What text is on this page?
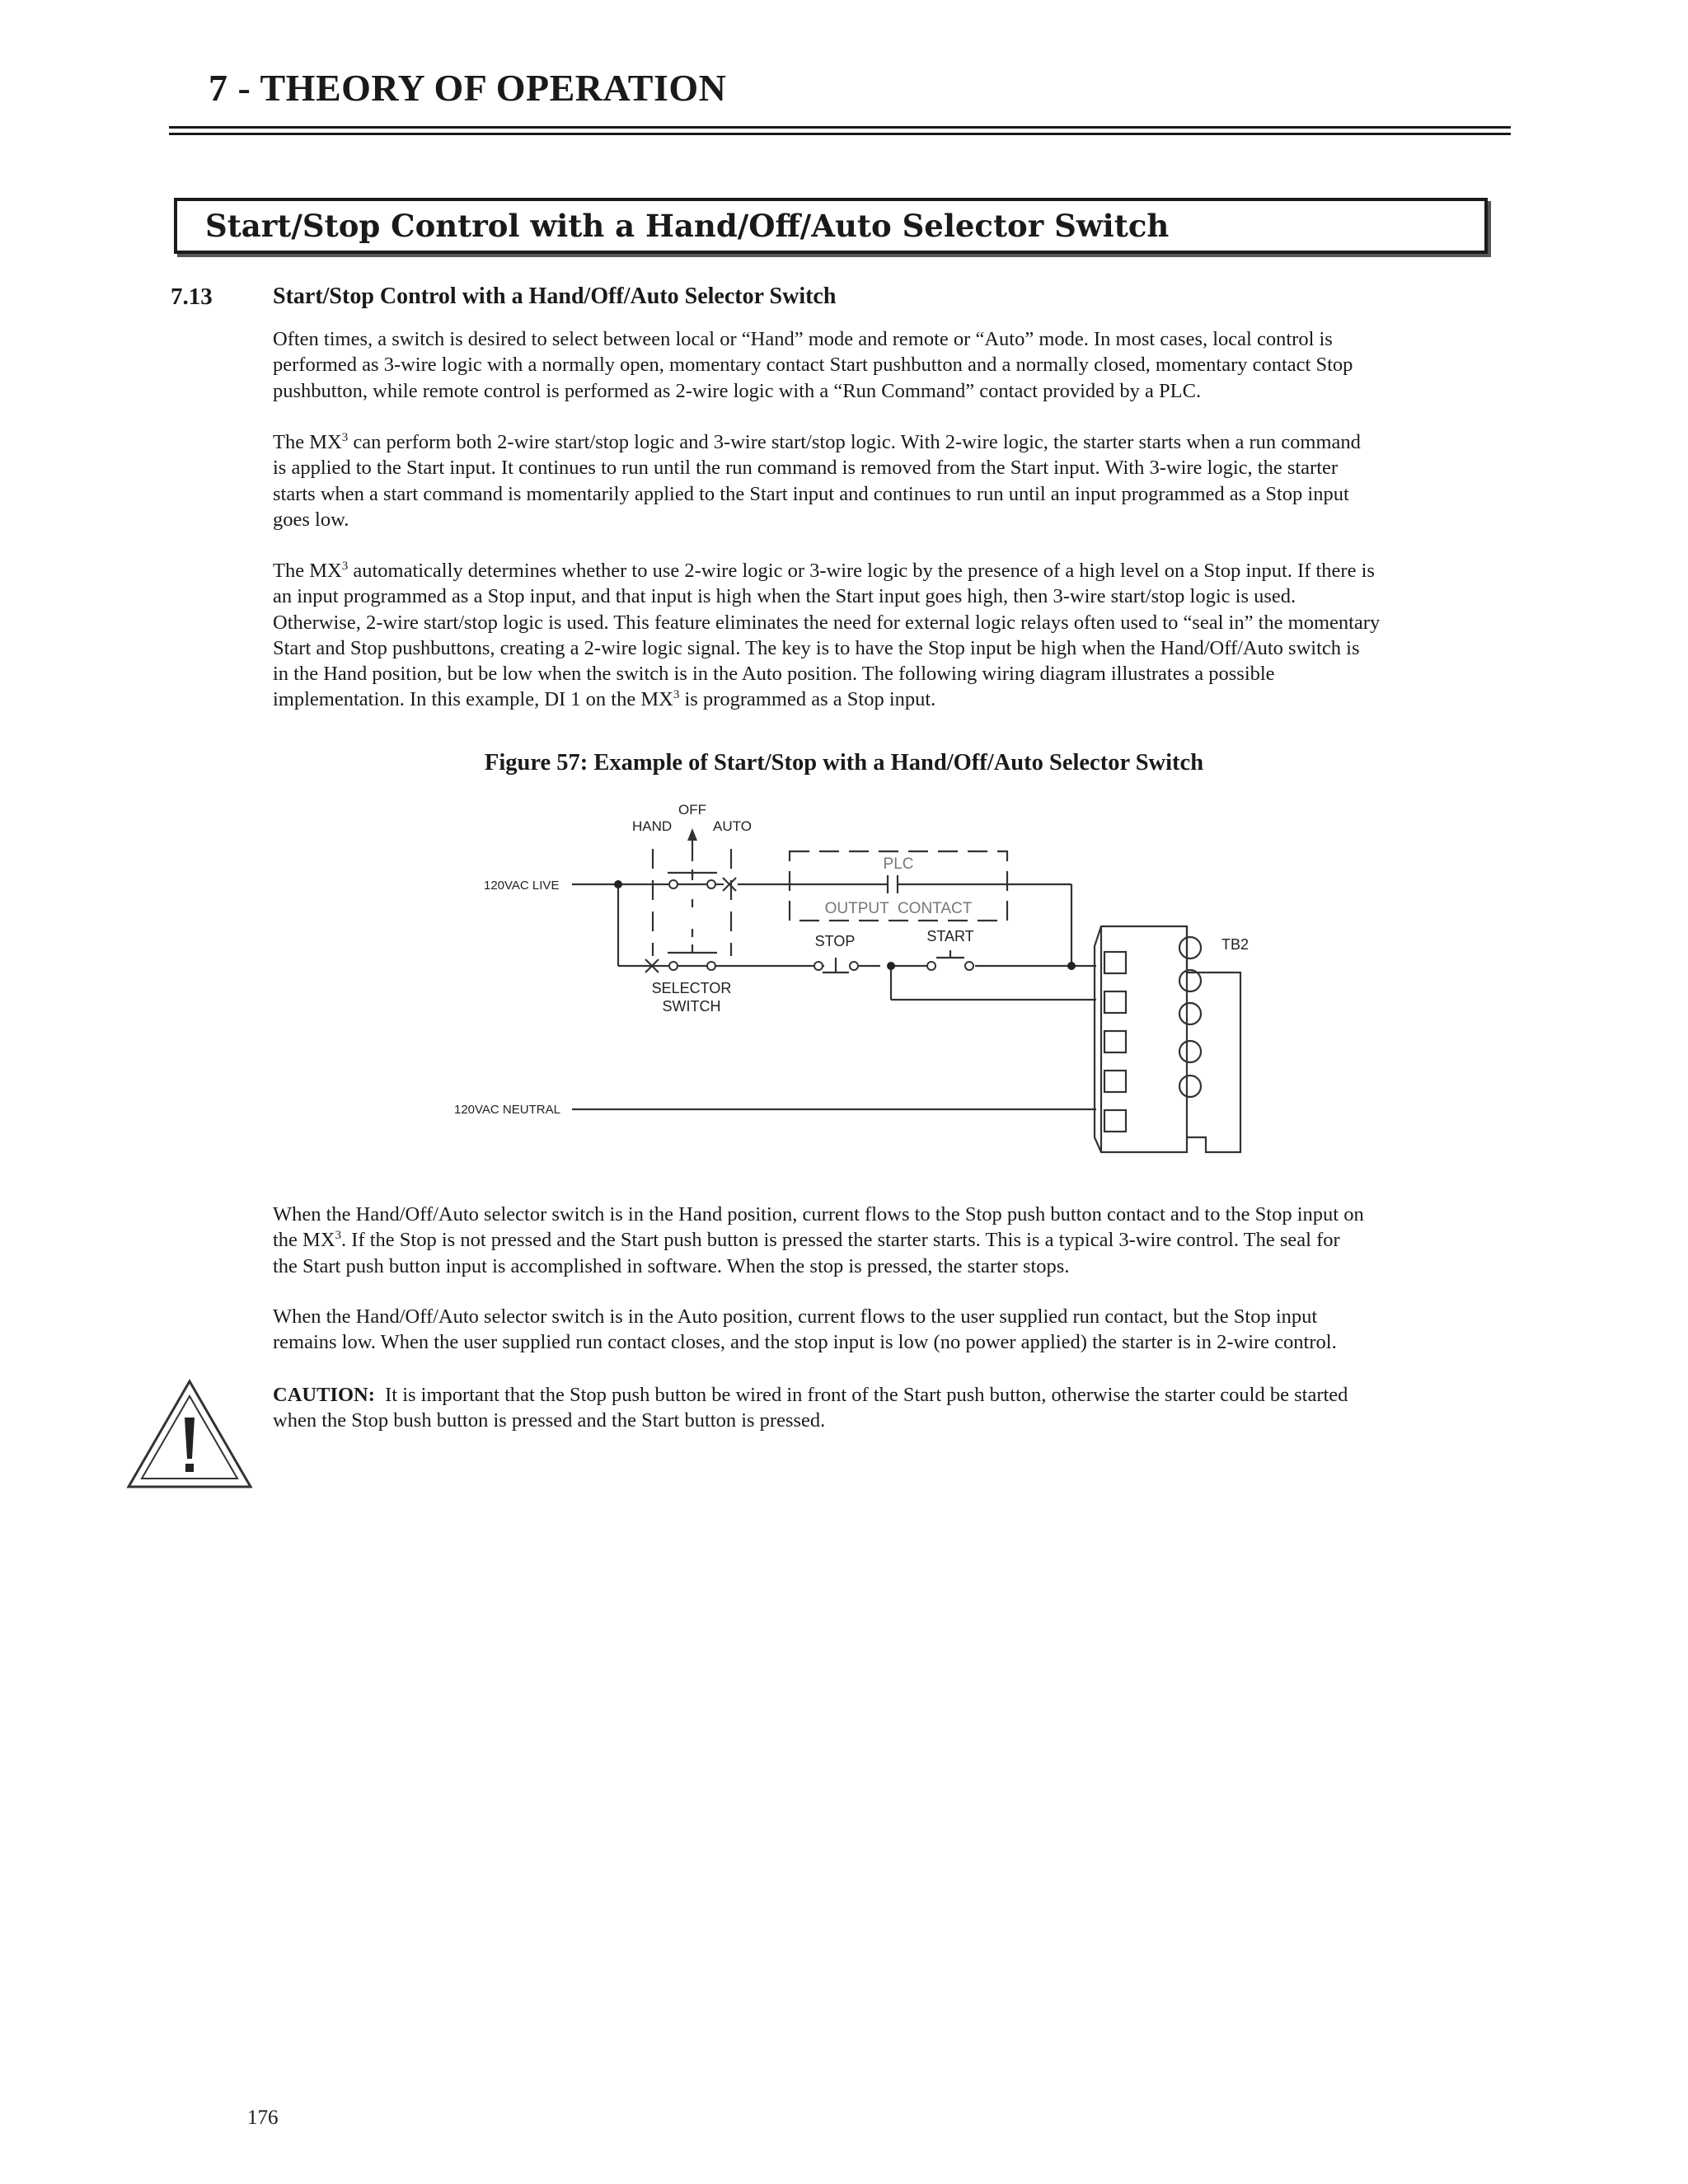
7 - THEORY OF OPERATION
Start/Stop Control with a Hand/Off/Auto Selector Switch
7.13	Start/Stop Control with a Hand/Off/Auto Selector Switch

Often times, a switch is desired to select between local or “Hand” mode and remote or “Auto” mode. In most cases, local control is
performed as 3-wire logic with a normally open, momentary contact Start pushbutton and a normally closed, momentary contact Stop
pushbutton, while remote control is performed as 2-wire logic with a “Run Command” contact provided by a PLC.

The $MX^3$ can perform both 2-wire start/stop logic and 3-wire start/stop logic. With 2-wire logic, the starter starts when a run command
is applied to the Start input. It continues to run until the run command is removed from the Start input. With 3-wire logic, the starter
starts when a start command is momentarily applied to the Start input and continues to run until an input programmed as a Stop input
goes low.

The $MX^3$ automatically determines whether to use 2-wire logic or 3-wire logic by the presence of a high level on a Stop input. If there is
an input programmed as a Stop input, and that input is high when the Start input goes high, then 3-wire start/stop logic is used.
Otherwise, 2-wire start/stop logic is used. This feature eliminates the need for external logic relays often used to “seal in” the momentary
Start and Stop pushbuttons, creating a 2-wire logic signal. The key is to have the Stop input be high when the Hand/Off/Auto switch is
in the Hand position, but be low when the switch is in the Auto position. The following wiring diagram illustrates a possible
implementation. In this example, DI 1 on the $MX^3$ is programmed as a Stop input.

Figure 57: Example of Start/Stop with a Hand/Off/Auto Selector Switch
OFF
HAND	AUTO
120VAC LIVE
120VAC NEUTRAL
PLC
OUTPUT  CONTACT
STOP	START	TB2
SELECTOR
SWITCH

When the Hand/Off/Auto selector switch is in the Hand position, current flows to the Stop push button contact and to the Stop input on
the $MX^3$. If the Stop is not pressed and the Start push button is pressed the starter starts. This is a typical 3-wire control. The seal for
the Start push button input is accomplished in software. When the stop is pressed, the starter stops.

When the Hand/Off/Auto selector switch is in the Auto position, current flows to the user supplied run contact, but the Stop input
remains low. When the user supplied run contact closes, and the stop input is low (no power applied) the starter is in 2-wire control.

CAUTION:  It is important that the Stop push button be wired in front of the Start push button, otherwise the starter could be started
when the Stop bush button is pressed and the Start button is pressed.

176
